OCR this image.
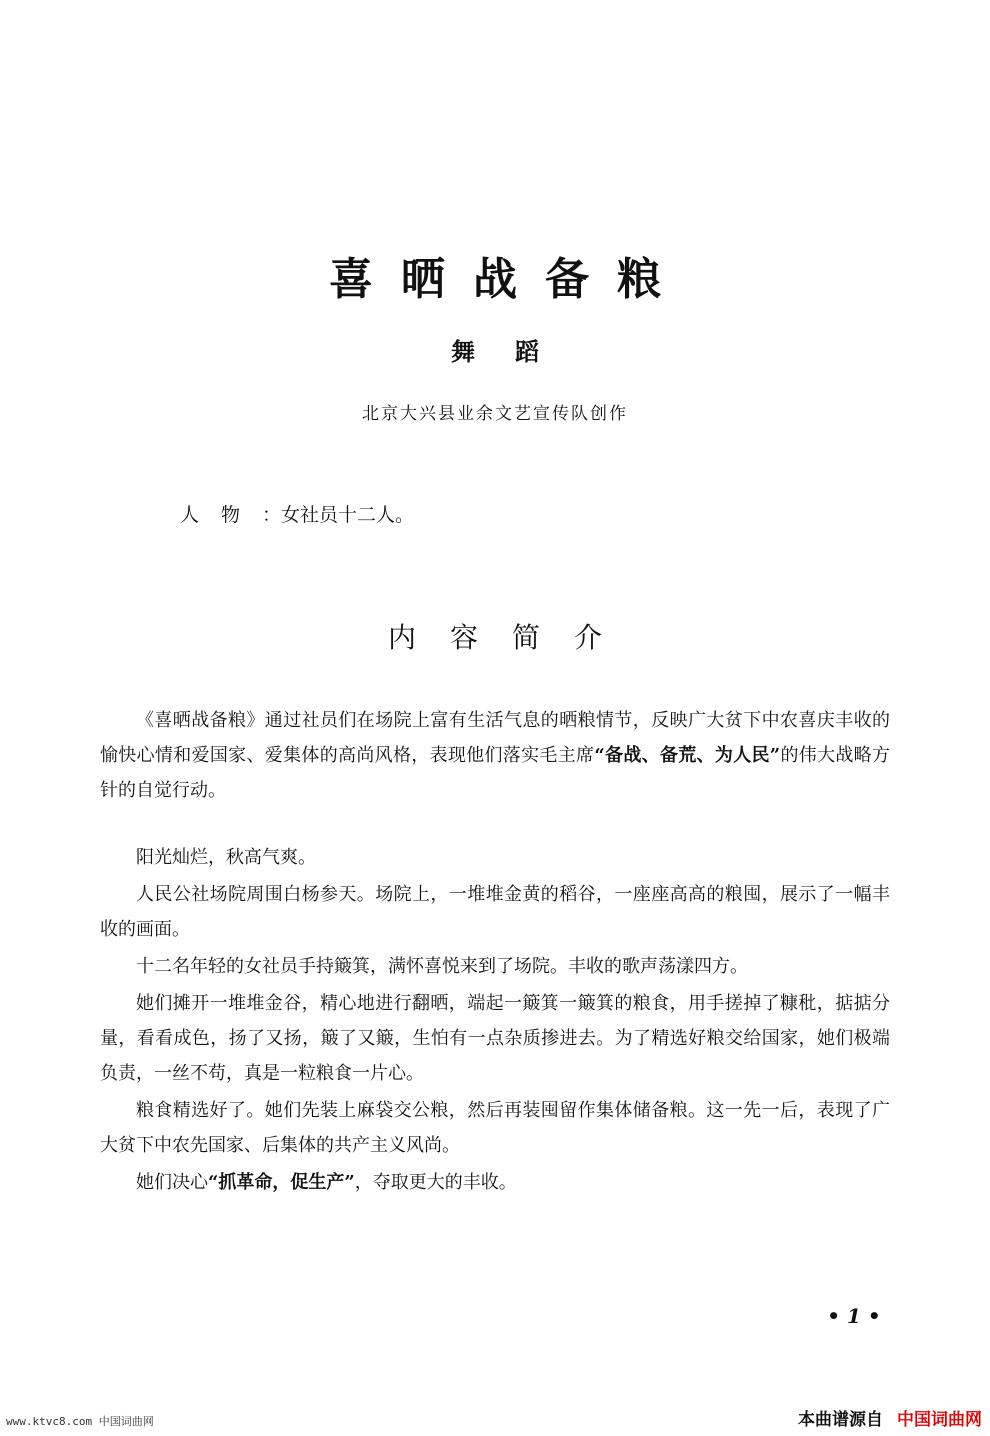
喜晒战备粮
舞蹈
北京大兴县业余文艺宣传队创作
人物：女社员十二人。
内容简介

《喜晒战备粮》通过社员们在场院上富有生活气息的晒粮情节，反映广大贫下中农喜庆丰收的愉快心情和爱国家、爱集体的高尚风格，表现他们落实毛主席“备战、备荒、为人民”的伟大战略方针的自觉行动。

阳光灿烂，秋高气爽。

人民公社场院周围白杨参天。场院上，一堆堆金黄的稻谷，一座座高高的粮囤，展示了一幅丰收的画面。

十二名年轻的女社员手持簸箕，满怀喜悦来到了场院。丰收的歌声荡漾四方。

她们摊开一堆堆金谷，精心地进行翻晒，端起一簸箕一簸箕的粮食，用手搓掉了糠秕，掂掂分量，看看成色，扬了又扬，簸了又簸，生怕有一点杂质掺进去。为了精选好粮交给国家，她们极端负责，一丝不苟，真是一粒粮食一片心。

粮食精选好了。她们先装上麻袋交公粮，然后再装囤留作集体储备粮。这一先一后，表现了广大贫下中农先国家、后集体的共产主义风尚。

她们决心“抓革命，促生产”，夺取更大的丰收。

• 1 •
www.ktvc8.com 中国词曲网	本曲谱源自 中国词曲网
